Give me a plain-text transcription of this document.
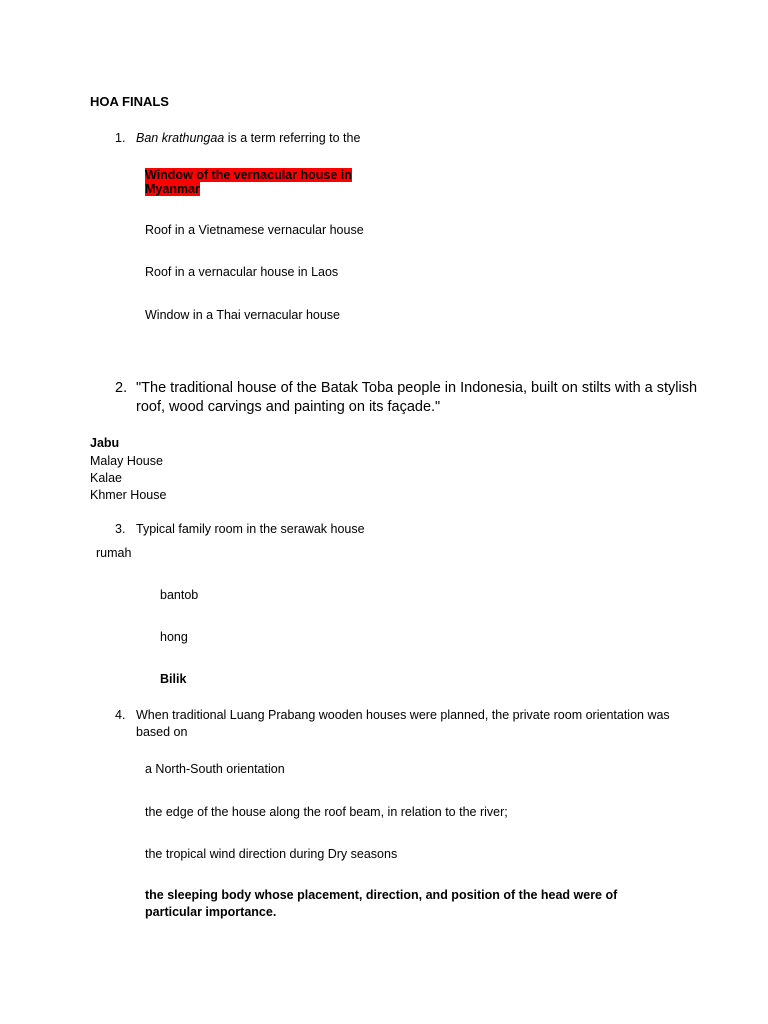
HOA FINALS
1. Ban krathungaa is a term referring to the
Window of the vernacular house in
Myanmar
Roof in a Vietnamese vernacular house
Roof in a vernacular house in Laos
Window in a Thai vernacular house
2. "The traditional house of the Batak Toba people in Indonesia, built on stilts with a stylish
roof, wood carvings and painting on its façade."
Jabu
Malay House
Kalae
Khmer House
3. Typical family room in the serawak house
rumah
bantob
hong
Bilik
4. When traditional Luang Prabang wooden houses were planned, the private room orientation was
based on
a North-South orientation
the edge of the house along the roof beam, in relation to the river;
the tropical wind direction during Dry seasons
the sleeping body whose placement, direction, and position of the head were of
particular importance.
